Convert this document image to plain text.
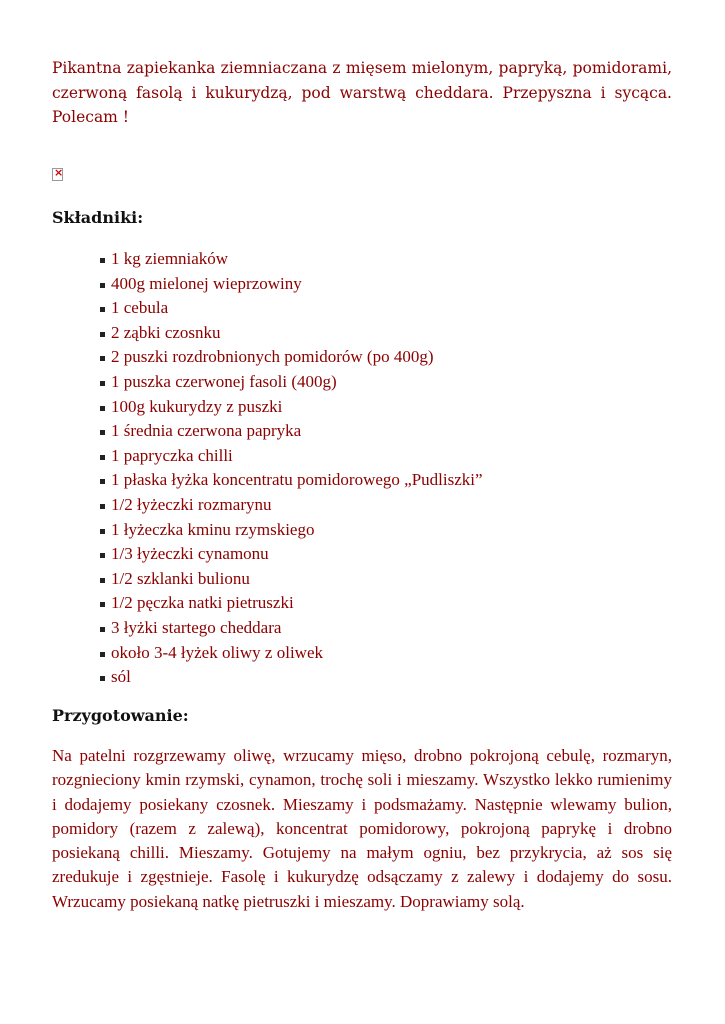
Pikantna zapiekanka ziemniaczana z mięsem mielonym, papryką, pomidorami, czerwoną fasolą i kukurydzą, pod warstwą cheddara. Przepyszna i sycąca. Polecam !

×
Składniki:
1 kg ziemniaków
400g mielonej wieprzowiny
1 cebula
2 ząbki czosnku
2 puszki rozdrobnionych pomidorów (po 400g)
1 puszka czerwonej fasoli (400g)
100g kukurydzy z puszki
1 średnia czerwona papryka
1 papryczka chilli
1 płaska łyżka koncentratu pomidorowego „Pudliszki”
1/2 łyżeczki rozmarynu
1 łyżeczka kminu rzymskiego
1/3 łyżeczki cynamonu
1/2 szklanki bulionu
1/2 pęczka natki pietruszki
3 łyżki startego cheddara
około 3-4 łyżek oliwy z oliwek
sól
Przygotowanie:

Na patelni rozgrzewamy oliwę, wrzucamy mięso, drobno pokrojoną cebulę, rozmaryn, rozgnieciony kmin rzymski, cynamon, trochę soli i mieszamy. Wszystko lekko rumienimy i dodajemy posiekany czosnek. Mieszamy i podsmażamy. Następnie wlewamy bulion, pomidory (razem z zalewą), koncentrat pomidorowy, pokrojoną paprykę i drobno posiekaną chilli. Mieszamy. Gotujemy na małym ogniu, bez przykrycia, aż sos się zredukuje i zgęstnieje. Fasolę i kukurydzę odsączamy z zalewy i dodajemy do sosu. Wrzucamy posiekaną natkę pietruszki i mieszamy. Doprawiamy solą.
